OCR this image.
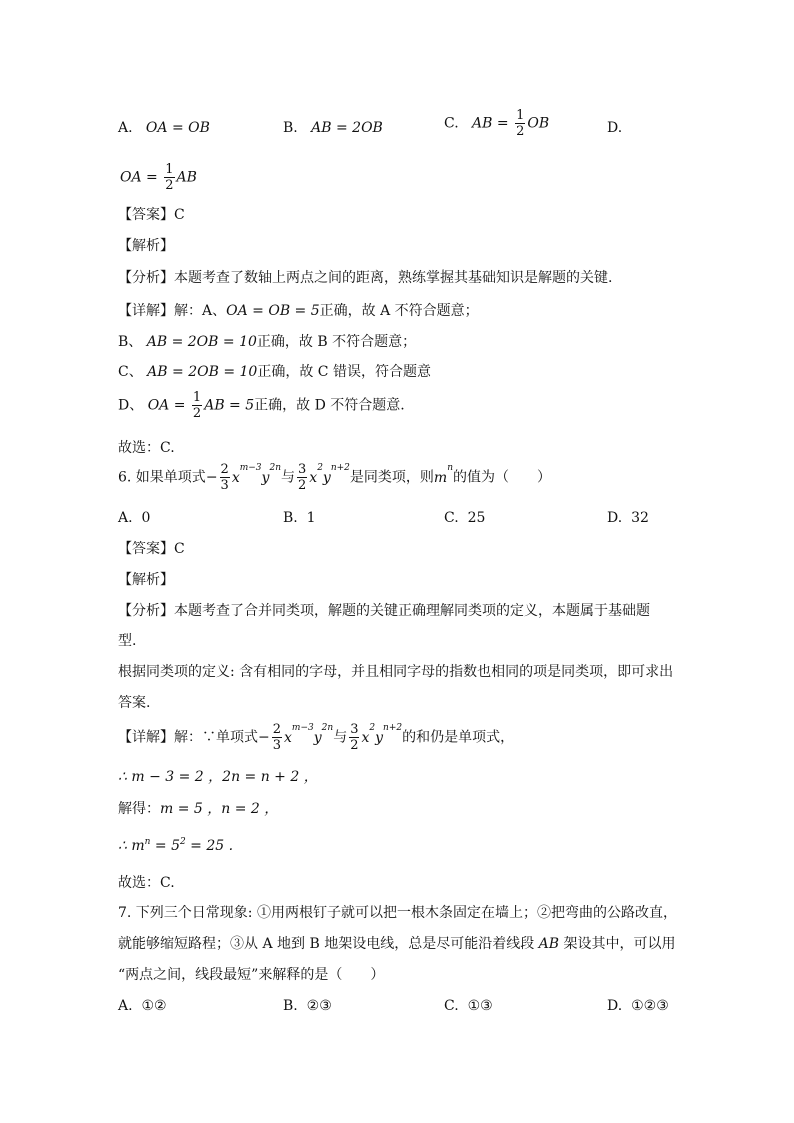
A. OA = OB	B. AB = 2OB	C. AB = $\frac{1}{2}$ OB	D.
OA = $\frac{1}{2}$ AB
【答案】C
【解析】
【分析】本题考查了数轴上两点之间的距离，熟练掌握其基础知识是解题的关键.
【详解】解：A、OA = OB = 5正确，故 A 不符合题意；
B、 AB = 2OB = 10正确，故 B 不符合题意；
C、 AB = 2OB = 10正确，故 C 错误，符合题意
D、 OA = $\frac{1}{2}$ AB = 5正确，故 D 不符合题意.
故选：C.
6. 如果单项式− $\frac{2}{3} x^{m-3}y^{2n}$与 $\frac{3}{2} x^2y^{n+2}$是同类项，则$m^n$的值为（　　）
A. 0	B. 1	C. 25	D. 32
【答案】C
【解析】
【分析】本题考查了合并同类项，解题的关键正确理解同类项的定义，本题属于基础题
型.
根据同类项的定义: 含有相同的字母，并且相同字母的指数也相同的项是同类项，即可求出
答案.
【详解】解：∵单项式− $\frac{2}{3} x^{m-3}y^{2n}$与 $\frac{3}{2} x^2y^{n+2}$的和仍是单项式，
∴ m − 3 = 2 ，2n = n + 2 ，
解得：m = 5 ，n = 2 ，
∴ $m^n = 5^2 = 25$ .
故选：C.
7. 下列三个日常现象: ①用两根钉子就可以把一根木条固定在墙上；②把弯曲的公路改直，
就能够缩短路程；③从 A 地到 B 地架设电线，总是尽可能沿着线段 AB 架设其中，可以用
“两点之间，线段最短”来解释的是（　　）
A. ①②	B. ②③	C. ①③	D. ①②③
